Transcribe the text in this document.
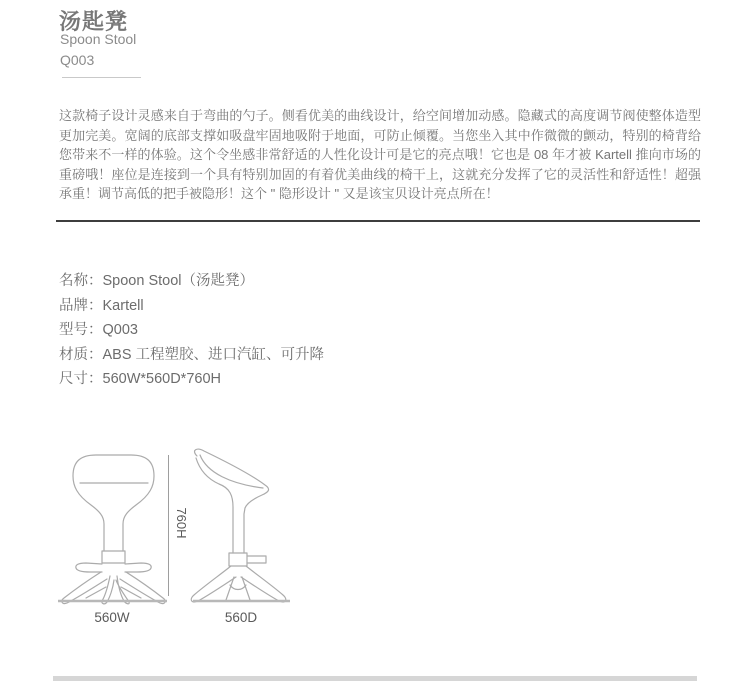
汤匙凳
Spoon Stool
Q003

这款椅子设计灵感来自于弯曲的勺子。侧看优美的曲线设计，给空间增加动感。隐藏式的高度调节阀使整体造型更加完美。宽阔的底部支撑如吸盘牢固地吸附于地面，可防止倾覆。当您坐入其中作微微的颤动，特别的椅背给您带来不一样的体验。这个令坐感非常舒适的人性化设计可是它的亮点哦！它也是 08 年才被 Kartell 推向市场的重磅哦！座位是连接到一个具有特别加固的有着优美曲线的椅干上，这就充分发挥了它的灵活性和舒适性！超强承重！调节高低的把手被隐形！这个 " 隐形设计 " 又是该宝贝设计亮点所在！

名称：Spoon Stool（汤匙凳）
品牌：Kartell
型号：Q003
材质：ABS 工程塑胶、进口汽缸、可升降
尺寸：560W*560D*760H
560W	560D
760H
